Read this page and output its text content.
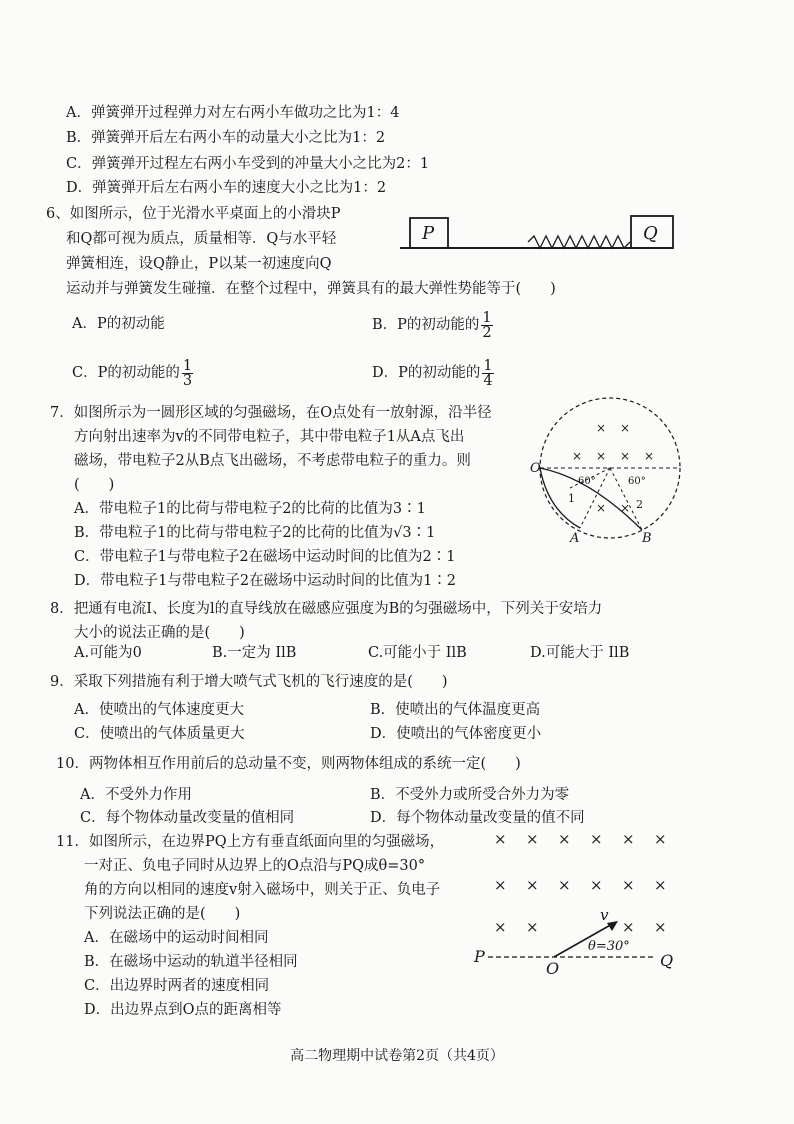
A．弹簧弹开过程弹力对左右两小车做功之比为1：4
B．弹簧弹开后左右两小车的动量大小之比为1：2
C．弹簧弹开过程左右两小车受到的冲量大小之比为2：1
D．弹簧弹开后左右两小车的速度大小之比为1：2
6、如图所示，位于光滑水平桌面上的小滑块P
和Q都可视为质点，质量相等．Q与水平轻
弹簧相连，设Q静止，P以某一初速度向Q
运动并与弹簧发生碰撞．在整个过程中，弹簧具有的最大弹性势能等于(　　)
P	Q
A．P的初动能	B．P的初动能的 $\frac{1}{2}$
C．P的初动能的 $\frac{1}{3}$	D．P的初动能的 $\frac{1}{4}$
7．如图所示为一圆形区域的匀强磁场，在O点处有一放射源，沿半径
方向射出速率为v的不同带电粒子，其中带电粒子1从A点飞出
磁场，带电粒子2从B点飞出磁场，不考虑带电粒子的重力。则
(　　)
A．带电粒子1的比荷与带电粒子2的比荷的比值为3∶1
B．带电粒子1的比荷与带电粒子2的比荷的比值为√3∶1
C．带电粒子1与带电粒子2在磁场中运动时间的比值为2∶1
D．带电粒子1与带电粒子2在磁场中运动时间的比值为1∶2
× ×
× × × ×
× ×
O
A	B
60°	60°
1	2
8．把通有电流I、长度为l的直导线放在磁感应强度为B的匀强磁场中，下列关于安培力
大小的说法正确的是(　　)
A.可能为0	B.一定为 IlB	C.可能小于 IlB	D.可能大于 IlB
9．采取下列措施有利于增大喷气式飞机的飞行速度的是(　　)
A．使喷出的气体速度更大	B．使喷出的气体温度更高
C．使喷出的气体质量更大	D．使喷出的气体密度更小
10．两物体相互作用前后的总动量不变，则两物体组成的系统一定(　　)
A．不受外力作用	B．不受外力或所受合外力为零
C．每个物体动量改变量的值相同	D．每个物体动量改变量的值不同
11．如图所示，在边界PQ上方有垂直纸面向里的匀强磁场，
一对正、负电子同时从边界上的O点沿与PQ成θ=30°
角的方向以相同的速度v射入磁场中，则关于正、负电子
下列说法正确的是(　　)
A．在磁场中的运动时间相同
B．在磁场中运动的轨道半径相同
C．出边界时两者的速度相同
D．出边界点到O点的距离相等
× × × × × ×
× × × × × ×
× ×	× ×
P	Q
O
v
θ=30°
高二物理期中试卷第2页（共4页）
